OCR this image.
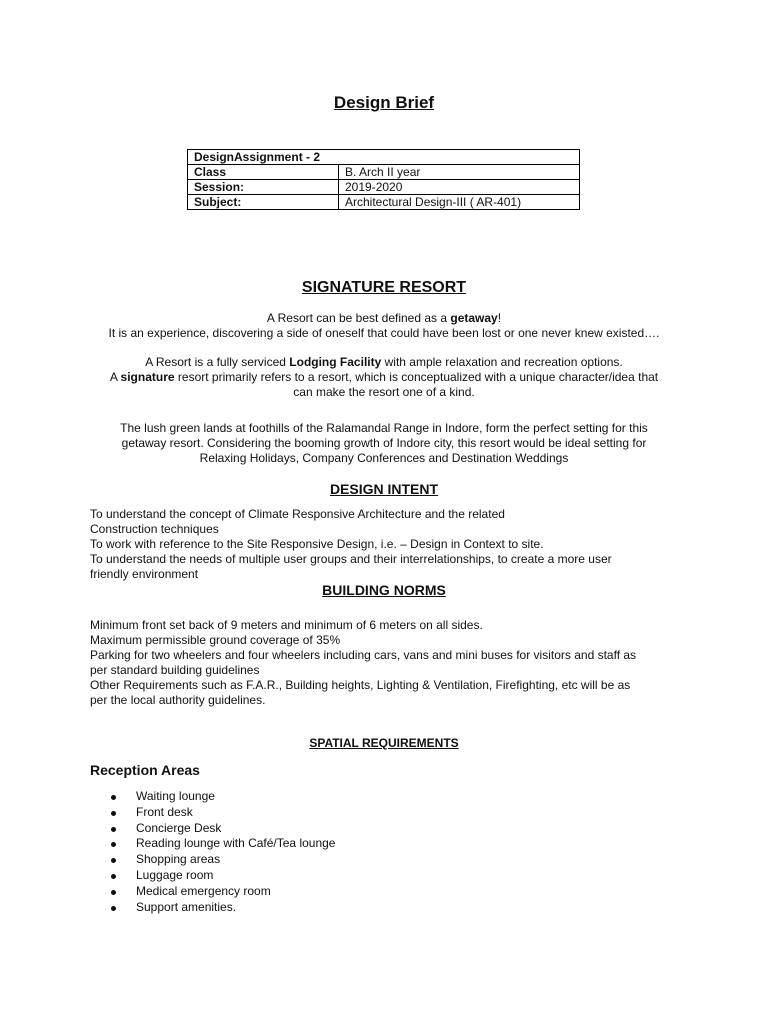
Design Brief
DesignAssignment - 2	
Class	B. Arch II year
Session:	2019-2020
Subject:	Architectural Design-III ( AR-401)
SIGNATURE RESORT
A Resort can be best defined as a getaway!
It is an experience, discovering a side of oneself that could have been lost or one never knew existed….
A Resort is a fully serviced Lodging Facility with ample relaxation and recreation options.
A signature resort primarily refers to a resort, which is conceptualized with a unique character/idea that
can make the resort one of a kind.
The lush green lands at foothills of the Ralamandal Range in Indore, form the perfect setting for this
getaway resort. Considering the booming growth of Indore city, this resort would be ideal setting for
Relaxing Holidays, Company Conferences and Destination Weddings
DESIGN INTENT
To understand the concept of Climate Responsive Architecture and the related
Construction techniques
To work with reference to the Site Responsive Design, i.e. – Design in Context to site.
To understand the needs of multiple user groups and their interrelationships, to create a more user
friendly environment
BUILDING NORMS
Minimum front set back of 9 meters and minimum of 6 meters on all sides.
Maximum permissible ground coverage of 35%
Parking for two wheelers and four wheelers including cars, vans and mini buses for visitors and staff as
per standard building guidelines
Other Requirements such as F.A.R., Building heights, Lighting & Ventilation, Firefighting, etc will be as
per the local authority guidelines.
SPATIAL REQUIREMENTS
Reception Areas
Waiting lounge
Front desk
Concierge Desk
Reading lounge with Café/Tea lounge
Shopping areas
Luggage room
Medical emergency room
Support amenities.
